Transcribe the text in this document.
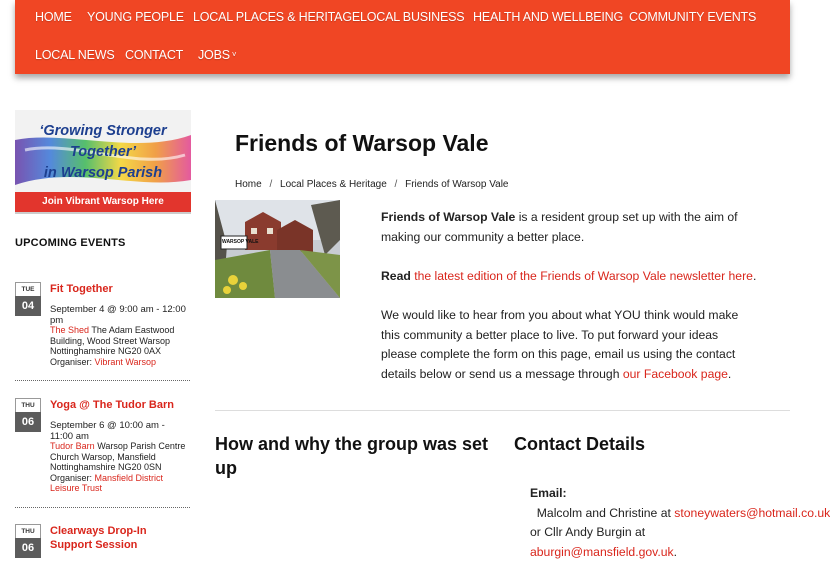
HOME YOUNG PEOPLE LOCAL PLACES & HERITAGE LOCAL BUSINESS HEALTH AND WELLBEING COMMUNITY EVENTS
LOCAL NEWS CONTACT JOBS ˅
‘Growing Stronger
Together’
in Warsop Parish
Join Vibrant Warsop Here
UPCOMING EVENTS
TUE
04
Fit Together
September 4 @ 9:00 am - 12:00 pm
The Shed The Adam Eastwood Building, Wood Street Warsop Nottinghamshire NG20 0AX
Organiser: Vibrant Warsop
THU
06
Yoga @ The Tudor Barn
September 6 @ 10:00 am - 11:00 am
Tudor Barn Warsop Parish Centre Church Warsop, Mansfield Nottinghamshire NG20 0SN Organiser: Mansfield District Leisure Trust
THU
06
Clearways Drop-In Support Session
Friends of Warsop Vale
Home / Local Places & Heritage / Friends of Warsop Vale
WARSOP VALE
Friends of Warsop Vale is a resident group set up with the aim of making our community a better place.
Read the latest edition of the Friends of Warsop Vale newsletter here.
We would like to hear from you about what YOU think would make this community a better place to live. To put forward your ideas please complete the form on this page, email us using the contact details below or send us a message through our Facebook page.
How and why the group was set up
Contact Details
Email:  Malcolm and Christine at stoneywaters@hotmail.co.uk or Cllr Andy Burgin at aburgin@mansfield.gov.uk.
